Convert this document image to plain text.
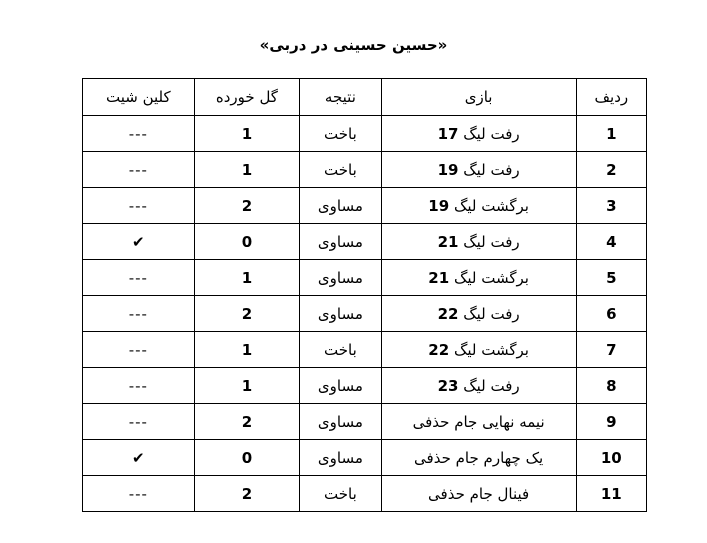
«حسین حسینی در دربی»
ردیف	بازی	نتیجه	گل خورده	کلین شیت
1	رفت لیگ 17	باخت	1	---
2	رفت لیگ 19	باخت	1	---
3	برگشت لیگ 19	مساوی	2	---
4	رفت لیگ 21	مساوی	0	✔
5	برگشت لیگ 21	مساوی	1	---
6	رفت لیگ 22	مساوی	2	---
7	برگشت لیگ 22	باخت	1	---
8	رفت لیگ 23	مساوی	1	---
9	نیمه نهایی جام حذفی	مساوی	2	---
10	یک چهارم جام حذفی	مساوی	0	✔
11	فینال جام حذفی	باخت	2	---
